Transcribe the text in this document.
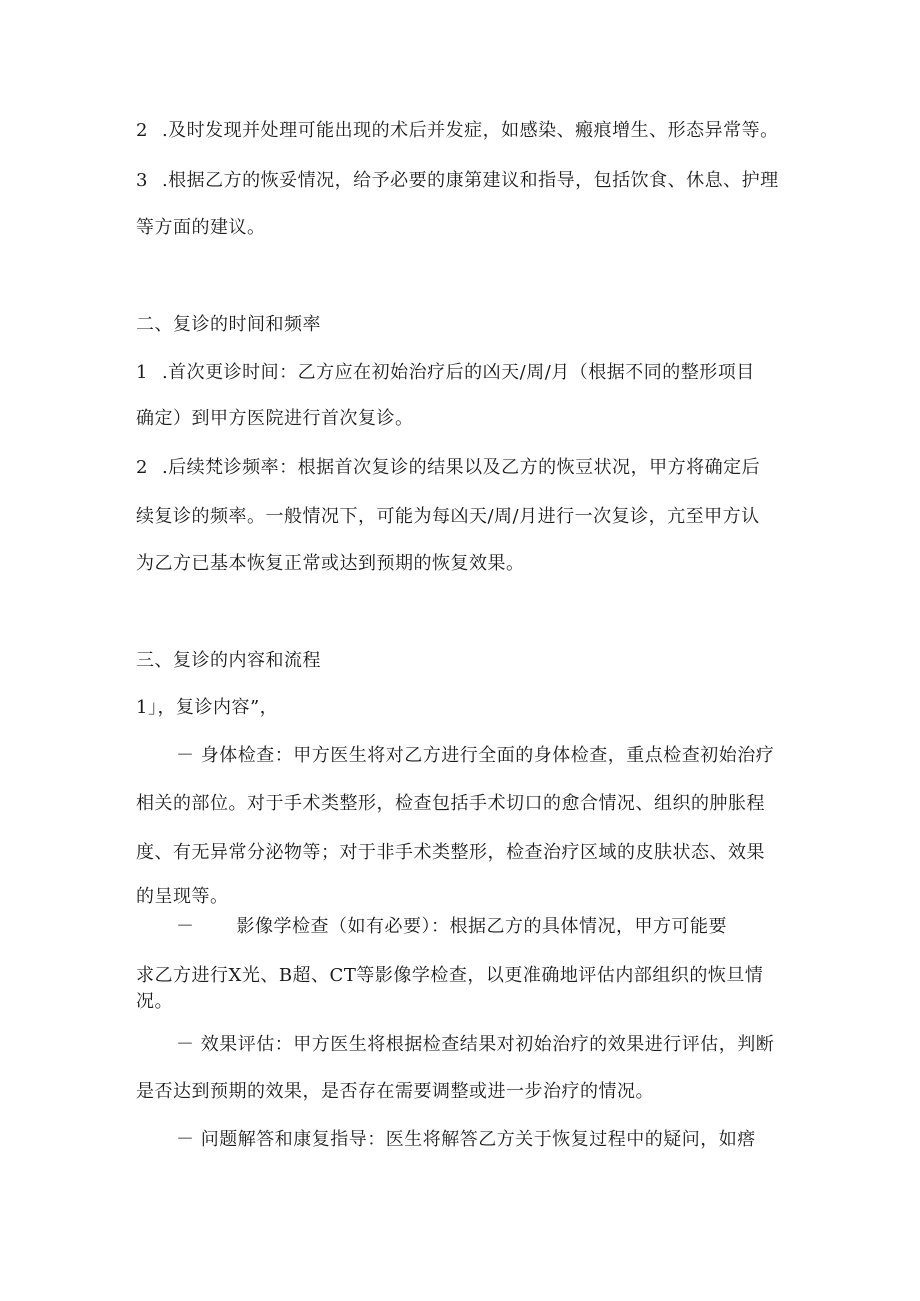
2 .及时发现并处理可能出现的术后并发症，如感染、瘢痕增生、形态异常等。
3 .根据乙方的恢妥情况，给予必要的康第建议和指导，包括饮食、休息、护理
等方面的建议。
二、复诊的时间和频率
1 .首次更诊时间：乙方应在初始治疗后的凶天/周/月（根据不同的整形项目
确定）到甲方医院进行首次复诊。
2 .后续梵诊频率：根据首次复诊的结果以及乙方的恢豆状况，甲方将确定后
续复诊的频率。一般情况下，可能为每凶天/周/月进行一次复诊，亢至甲方认
为乙方已基本恢复正常或达到预期的恢复效果。
三、复诊的内容和流程
1」，复诊内容”，
－ 身体检查：甲方医生将对乙方进行全面的身体检查，重点检查初始治疗
相关的部位。对于手术类整形，检查包括手术切口的愈合情况、组织的肿胀程
度、有无异常分泌物等；对于非手术类整形，检查治疗区域的皮肤状态、效果
的呈现等。
－ 影像学检查（如有必要）：根据乙方的具体情况，甲方可能要
求乙方进行X光、B超、CT等影像学检查，以更准确地评估内部组织的恢旦情
况。
－ 效果评估：甲方医生将根据检查结果对初始治疗的效果进行评估，判断
是否达到预期的效果，是否存在需要调整或进一步治疗的情况。
－ 问题解答和康复指导：医生将解答乙方关于恢复过程中的疑问，如瘩
